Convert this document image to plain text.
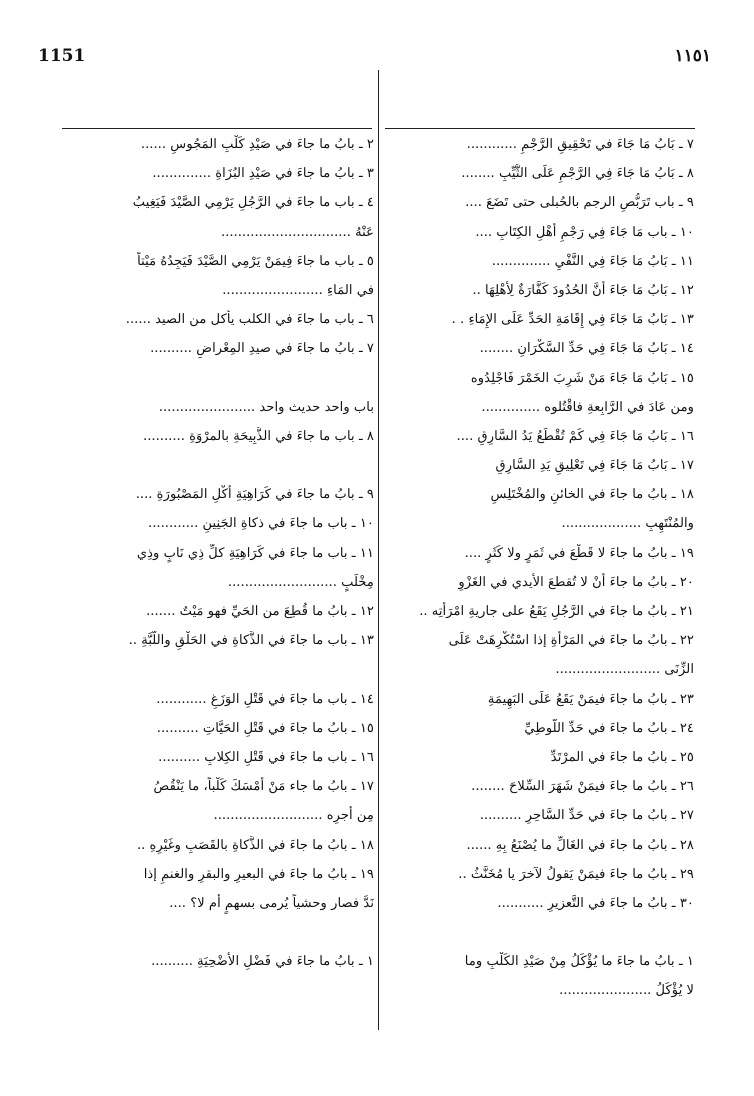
1151	١١٥١
٧ ـ بَابُ مَا جَاءَ في تَحْقِيقِ الرَّجْمِ ............
٨ ـ بَابُ مَا جَاءَ فِي الرَّجْمِ عَلَى الثَّيِّبِ ........
٩ ـ باب تَرَبُّصِ الرجم بالحُبلى حتى تَضَعَ ....
١٠ ـ باب مَا جَاءَ فِي رَجْمِ أَهْلِ الكِتَابِ ....
١١ ـ بَابُ مَا جَاءَ فِي النَّفْيِ ..............
١٢ ـ بَابُ مَا جَاءَ أَنَّ الحُدُودَ كَفَّارَةٌ لِأَهْلِهَا ..
١٣ ـ بَابُ مَا جَاءَ فِي إِقَامَةِ الحَدِّ عَلَى الإِمَاءِ . .
١٤ ـ بَابُ مَا جَاءَ فِي حَدِّ السَّكْرَانِ ........
١٥ ـ بَابُ مَا جَاءَ مَنْ شَرِبَ الخَمْرَ فَاجْلِدُوه
ومن عَادَ في الرَّابِعةِ فاقْتُلوه ..............
١٦ ـ بَابُ مَا جَاءَ فِي كَمْ تُقْطَعُ يَدُ السَّارِقِ ....
١٧ ـ بَابُ مَا جَاءَ فِي تَعْلِيقِ يَدِ السَّارِقِ
١٨ ـ بابُ ما جاءَ في الخائنِ والمُخْتَلِسِ
والمُنْتَهِبِ ...................
١٩ ـ بابُ ما جاءَ لا قَطْعَ في ثَمَرٍ ولا كَثَرٍ ....
٢٠ ـ بابُ ما جاءَ أَنْ لا تُقطعَ الأيدي في الغَزْوِ
٢١ ـ بابُ ما جاءَ في الرَّجُلِ يَقَعُ على جاريةِ امْرَأَتِه ..
٢٢ ـ بابُ ما جاءَ في المَرْأَةِ إذا اسْتُكْرِهَتْ عَلَى
الزِّنَى .........................
٢٣ ـ بابُ ما جاءَ فيمَنْ يَقَعُ عَلَى البَهِيمَةِ
٢٤ ـ بابُ ما جاءَ في حَدِّ اللُّوطِيِّ
٢٥ ـ بابُ ما جاءَ في المرْتَدِّ
٢٦ ـ بابُ ما جاءَ فيمَنْ شَهَرَ السِّلاحَ ........
٢٧ ـ بابُ ما جاءَ في حَدِّ السَّاحِرِ ..........
٢٨ ـ بابُ ما جاءَ في الغَالِّ ما يُصْنَعُ بِهِ ......
٢٩ ـ بابُ ما جاءَ فيمَنْ يَقولُ لآخرَ يا مُخَنَّثُ ..
٣٠ ـ بابُ ما جاءَ في التَّعزيرِ ...........
١ ـ بابُ ما جاءَ ما يُؤْكَلُ مِنْ صَيْدِ الكَلْبِ وما
لا يُؤْكَلُ ......................
٢ ـ بابُ ما جاءَ في صَيْدِ كَلْبِ المَجُوسِ ......
٣ ـ بابُ ما جاءَ في صَيْدِ البُزَاةِ ..............
٤ ـ باب ما جاءَ في الرَّجُلِ يَرْمِي الصَّيْدَ فَيَغِيبُ
عَنْهُ ...............................
٥ ـ باب ما جاءَ فِيمَنْ يَرْمِي الصَّيْدَ فَيَجِدُهُ مَيْتاً
في المَاءِ ........................
٦ ـ باب ما جاءَ في الكلب يأكل من الصيد ......
٧ ـ بابُ ما جاءَ في صيدِ المِعْراضِ ..........
باب واحد حديث واحد .......................
٨ ـ باب ما جاءَ في الذَّبِيحَةِ بالمرْوَةِ ..........
٩ ـ بابُ ما جاءَ في كَرَاهِيَةِ أَكْلِ المَصْبُورَةِ ....
١٠ ـ باب ما جاءَ في ذكاةِ الجَنِينِ ............
١١ ـ باب ما جاءَ في كَرَاهِيَةِ كلِّ ذِي نَابٍ وذِي
مِخْلَبٍ ..........................
١٢ ـ بابُ ما قُطِعَ من الحَيِّ فهو مَيْتٌ .......
١٣ ـ باب ما جاءَ في الذَّكاةِ في الحَلْقِ واللَّبَّةِ ..
١٤ ـ باب ما جاءَ في قَتْلِ الوَزَغِ ............
١٥ ـ بابُ ما جاءَ في قَتْلِ الحَيَّاتِ ..........
١٦ ـ باب ما جاءَ في قَتْلِ الكِلابِ ..........
١٧ ـ بابُ ما جاء مَنْ أَمْسَكَ كَلْباً، ما يَنْقُصُ
مِن أجرِه ..........................
١٨ ـ بابُ ما جاءَ في الذَّكاةِ بالقَصَبِ وغَيْرِهِ ..
١٩ ـ بابُ ما جاءَ في البعيرِ والبقرِ والغنمِ إذا
نَدَّ فصار وحشياً يُرمى بسهمٍ أم لا؟ ....
١ ـ بابُ ما جاءَ في فَضْلِ الأُضْحِيَةِ ..........
